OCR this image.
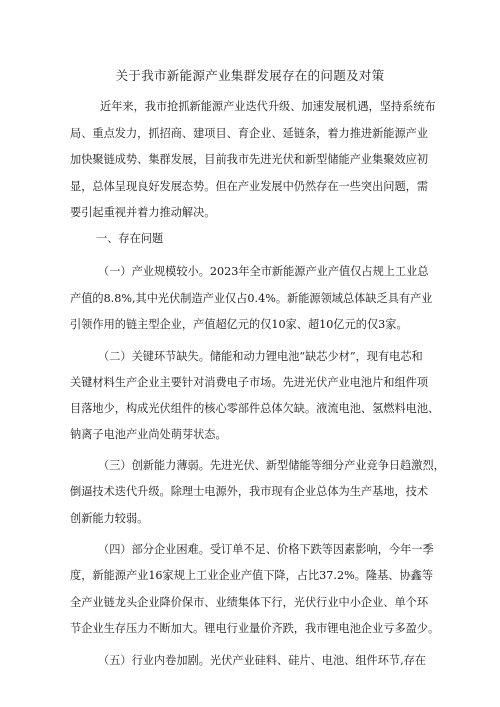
关于我市新能源产业集群发展存在的问题及对策
近年来，我市抢抓新能源产业迭代升级、加速发展机遇，坚持系统布
局、重点发力，抓招商、建项目、育企业、延链条，着力推进新能源产业
加快聚链成势、集群发展，目前我市先进光伏和新型储能产业集聚效应初
显，总体呈现良好发展态势。但在产业发展中仍然存在一些突出问题，需
要引起重视并着力推动解决。
一、存在问题
（一）产业规模较小。2023年全市新能源产业产值仅占规上工业总
产值的8.8%,其中光伏制造产业仅占0.4%。新能源领域总体缺乏具有产业
引领作用的链主型企业，产值超亿元的仅10家、超10亿元的仅3家。
（二）关键环节缺失。储能和动力锂电池“缺芯少材”，现有电芯和
关键材料生产企业主要针对消费电子市场。先进光伏产业电池片和组件项
目落地少，构成光伏组件的核心零部件总体欠缺。液流电池、氢燃料电池、
钠离子电池产业尚处萌芽状态。
（三）创新能力薄弱。先进光伏、新型储能等细分产业竞争日趋激烈，
倒逼技术迭代升级。除理士电源外，我市现有企业总体为生产基地，技术
创新能力较弱。
（四）部分企业困难。受订单不足、价格下跌等因素影响，今年一季
度，新能源产业16家规上工业企业产值下降，占比37.2%。隆基、协鑫等
全产业链龙头企业降价保市、业绩集体下行，光伏行业中小企业、单个环
节企业生存压力不断加大。锂电行业量价齐跌，我市锂电池企业亏多盈少。
（五）行业内卷加剧。光伏产业硅料、硅片、电池、组件环节,存在
